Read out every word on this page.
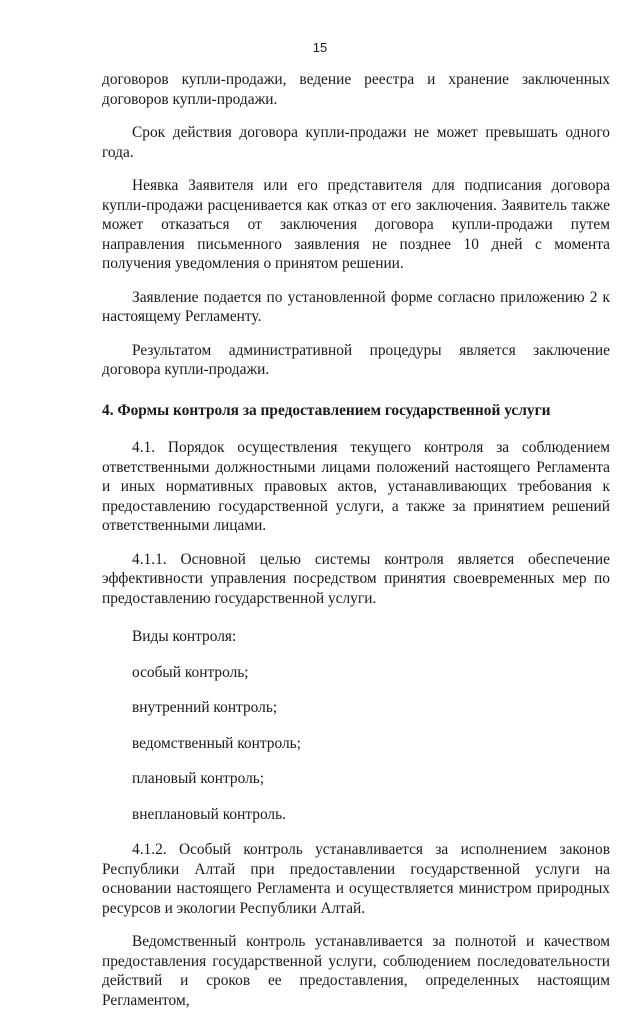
15

договоров купли-продажи, ведение реестра и хранение заключенных договоров купли-продажи.

Срок действия договора купли-продажи не может превышать одного года.

Неявка Заявителя или его представителя для подписания договора купли-продажи расценивается как отказ от его заключения. Заявитель также может отказаться от заключения договора купли-продажи путем направления письменного заявления не позднее 10 дней с момента получения уведомления о принятом решении.

Заявление подается по установленной форме согласно приложению 2 к настоящему Регламенту.

Результатом административной процедуры является заключение договора купли-продажи.

4. Формы контроля за предоставлением государственной услуги

4.1. Порядок осуществления текущего контроля за соблюдением ответственными должностными лицами положений настоящего Регламента и иных нормативных правовых актов, устанавливающих требования к предоставлению государственной услуги, а также за принятием решений ответственными лицами.

4.1.1. Основной целью системы контроля является обеспечение эффективности управления посредством принятия своевременных мер по предоставлению государственной услуги.

Виды контроля:

особый контроль;

внутренний контроль;

ведомственный контроль;

плановый контроль;

внеплановый контроль.

4.1.2. Особый контроль устанавливается за исполнением законов Республики Алтай при предоставлении государственной услуги на основании настоящего Регламента и осуществляется министром природных ресурсов и экологии Республики Алтай.

Ведомственный контроль устанавливается за полнотой и качеством предоставления государственной услуги, соблюдением последовательности действий и сроков ее предоставления, определенных настоящим Регламентом,
